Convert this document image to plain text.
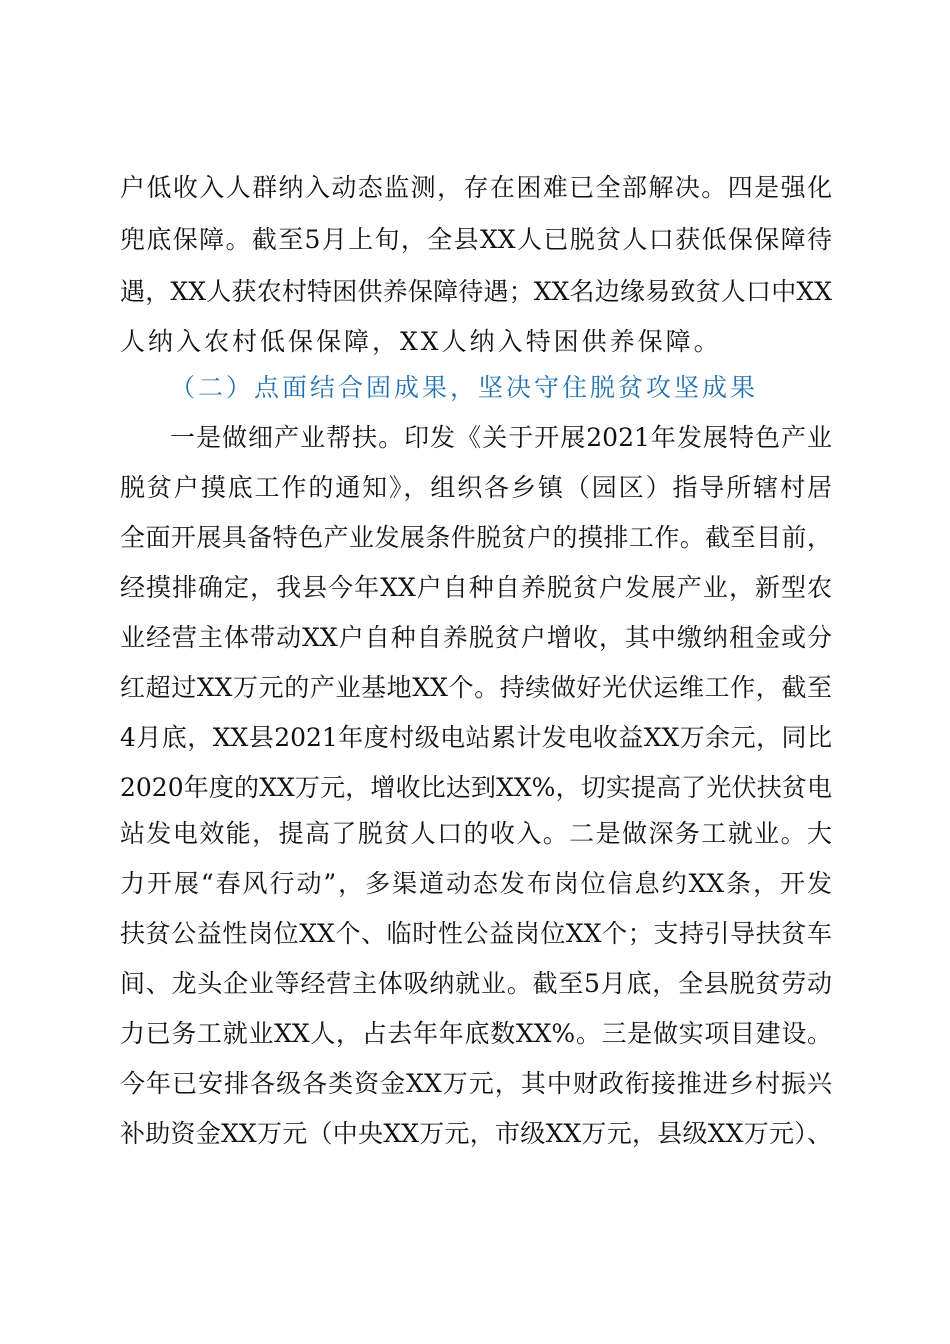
户低收入人群纳入动态监测，存在困难已全部解决。四是强化
兜底保障。截至5月上旬，全县XX人已脱贫人口获低保保障待
遇，XX人获农村特困供养保障待遇；XX名边缘易致贫人口中XX
人纳入农村低保保障，XX人纳入特困供养保障。
（二）点面结合固成果，坚决守住脱贫攻坚成果
一是做细产业帮扶。印发《关于开展2021年发展特色产业
脱贫户摸底工作的通知》，组织各乡镇（园区）指导所辖村居
全面开展具备特色产业发展条件脱贫户的摸排工作。截至目前，
经摸排确定，我县今年XX户自种自养脱贫户发展产业，新型农
业经营主体带动XX户自种自养脱贫户增收，其中缴纳租金或分
红超过XX万元的产业基地XX个。持续做好光伏运维工作，截至
4月底，XX县2021年度村级电站累计发电收益XX万余元，同比
2020年度的XX万元，增收比达到XX%，切实提高了光伏扶贫电
站发电效能，提高了脱贫人口的收入。二是做深务工就业。大
力开展“春风行动”，多渠道动态发布岗位信息约XX条，开发
扶贫公益性岗位XX个、临时性公益岗位XX个；支持引导扶贫车
间、龙头企业等经营主体吸纳就业。截至5月底，全县脱贫劳动
力已务工就业XX人，占去年年底数XX%。三是做实项目建设。
今年已安排各级各类资金XX万元，其中财政衔接推进乡村振兴
补助资金XX万元（中央XX万元，市级XX万元，县级XX万元）、
